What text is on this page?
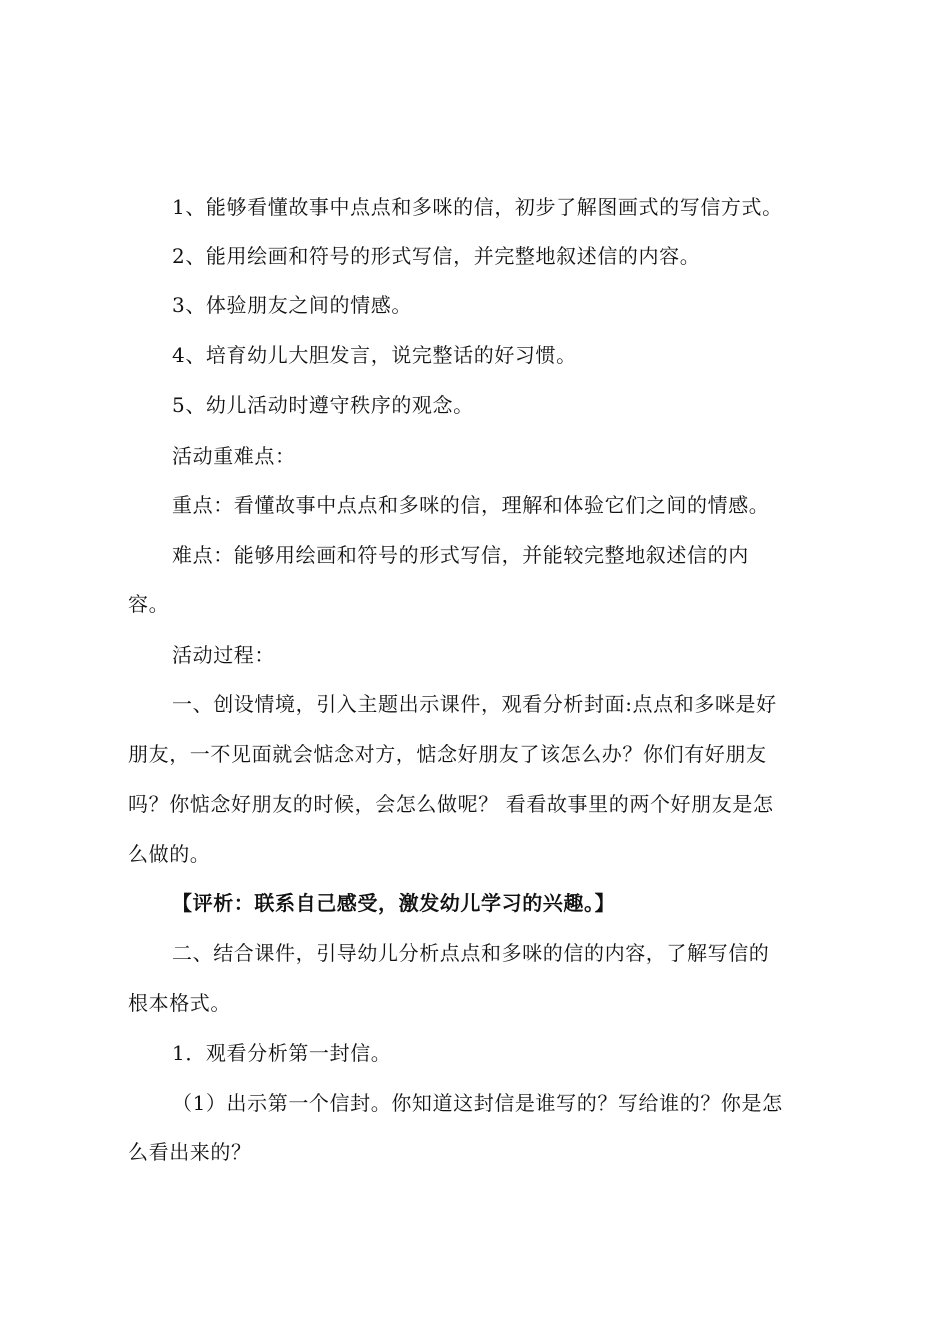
1、能够看懂故事中点点和多咪的信，初步了解图画式的写信方式。
2、能用绘画和符号的形式写信，并完整地叙述信的内容。
3、体验朋友之间的情感。
4、培育幼儿大胆发言，说完整话的好习惯。
5、幼儿活动时遵守秩序的观念。
活动重难点：
重点：看懂故事中点点和多咪的信，理解和体验它们之间的情感。
难点：能够用绘画和符号的形式写信，并能较完整地叙述信的内
容。
活动过程：
一、创设情境，引入主题出示课件，观看分析封面:点点和多咪是好
朋友，一不见面就会惦念对方，惦念好朋友了该怎么办？你们有好朋友
吗？你惦念好朋友的时候，会怎么做呢？ 看看故事里的两个好朋友是怎
么做的。
【评析：联系自己感受，激发幼儿学习的兴趣。】
二、结合课件，引导幼儿分析点点和多咪的信的内容，了解写信的
根本格式。
1．观看分析第一封信。
（1）出示第一个信封。你知道这封信是谁写的？写给谁的？你是怎
么看出来的？
